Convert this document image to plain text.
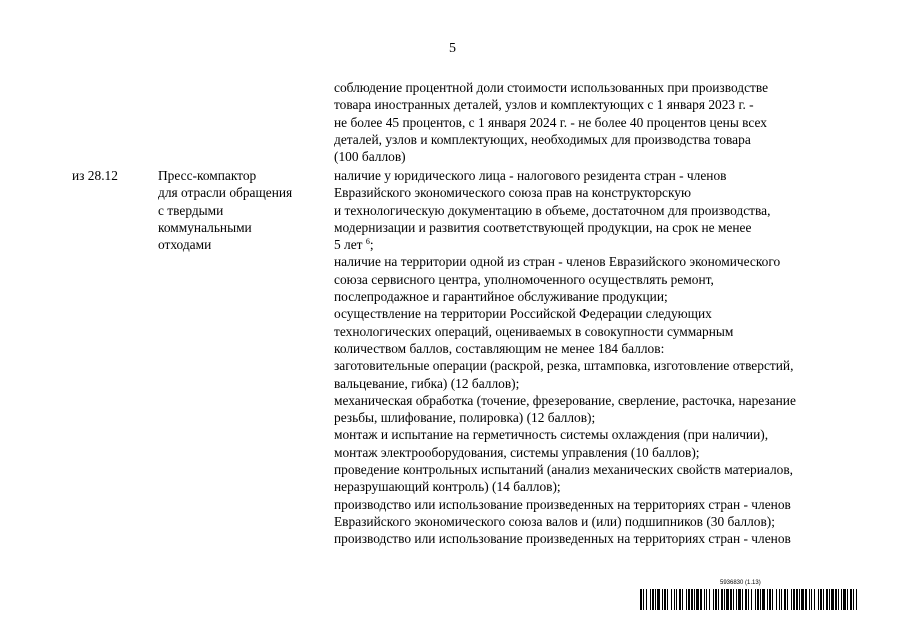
5
соблюдение процентной доли стоимости использованных при производстве
товара иностранных деталей, узлов и комплектующих с 1 января 2023 г. -
не более 45 процентов, с 1 января 2024 г. - не более 40 процентов цены всех
деталей, узлов и комплектующих, необходимых для производства товара
(100 баллов)
из 28.12	Пресс-компактор
для отрасли обращения
с твердыми
коммунальными
отходами
наличие у юридического лица - налогового резидента стран - членов
Евразийского экономического союза прав на конструкторскую
и технологическую документацию в объеме, достаточном для производства,
модернизации и развития соответствующей продукции, на срок не менее
5 лет $^6$;
наличие на территории одной из стран - членов Евразийского экономического
союза сервисного центра, уполномоченного осуществлять ремонт,
послепродажное и гарантийное обслуживание продукции;
осуществление на территории Российской Федерации следующих
технологических операций, оцениваемых в совокупности суммарным
количеством баллов, составляющим не менее 184 баллов:
заготовительные операции (раскрой, резка, штамповка, изготовление отверстий,
вальцевание, гибка) (12 баллов);
механическая обработка (точение, фрезерование, сверление, расточка, нарезание
резьбы, шлифование, полировка) (12 баллов);
монтаж и испытание на герметичность системы охлаждения (при наличии),
монтаж электрооборудования, системы управления (10 баллов);
проведение контрольных испытаний (анализ механических свойств материалов,
неразрушающий контроль) (14 баллов);
производство или использование произведенных на территориях стран - членов
Евразийского экономического союза валов и (или) подшипников (30 баллов);
производство или использование произведенных на территориях стран - членов
5936830 (1.13)
